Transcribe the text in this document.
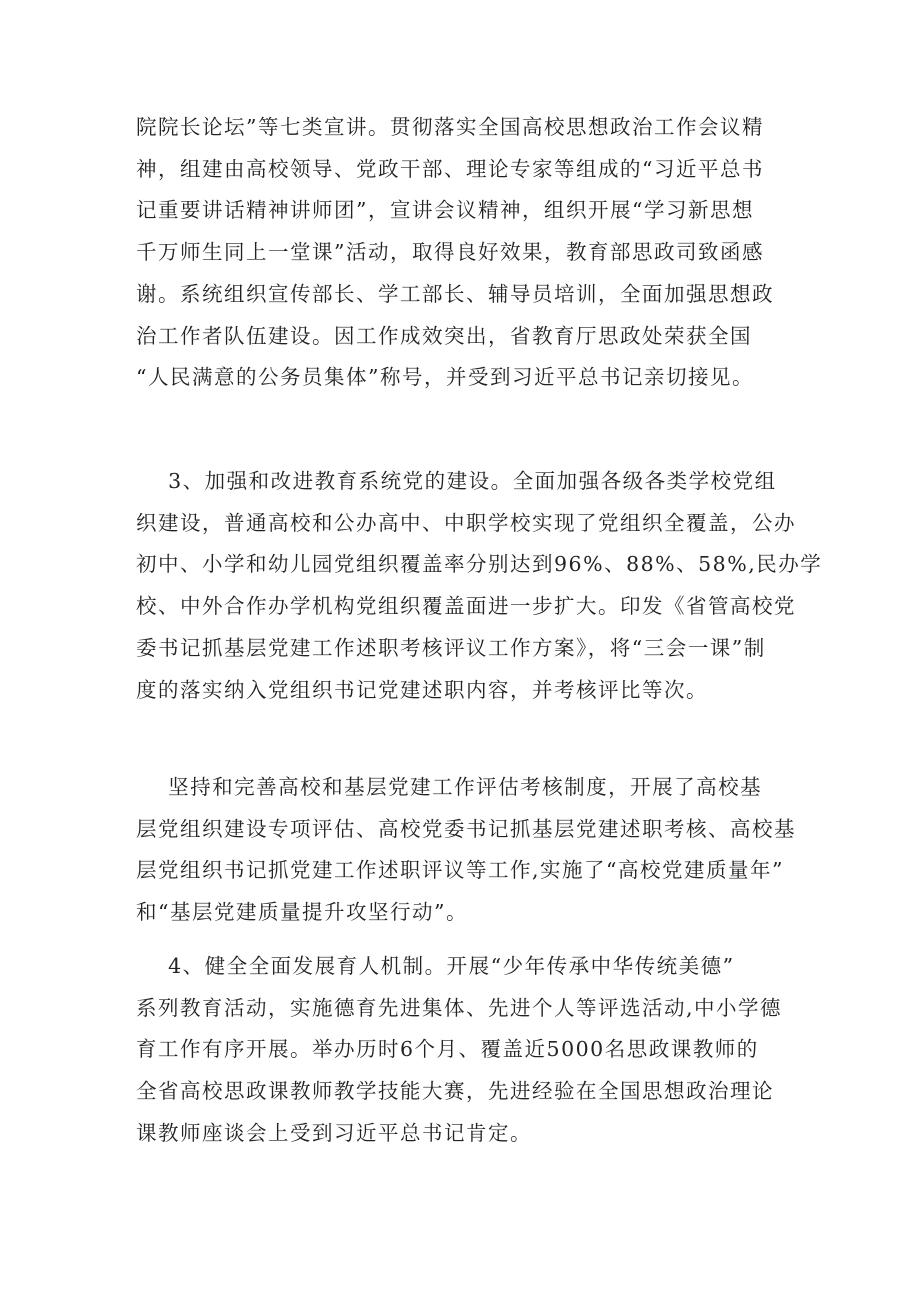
院院长论坛”等七类宣讲。贯彻落实全国高校思想政治工作会议精
神，组建由高校领导、党政干部、理论专家等组成的“习近平总书
记重要讲话精神讲师团”，宣讲会议精神，组织开展“学习新思想
千万师生同上一堂课”活动，取得良好效果，教育部思政司致函感
谢。系统组织宣传部长、学工部长、辅导员培训，全面加强思想政
治工作者队伍建设。因工作成效突出，省教育厅思政处荣获全国
“人民满意的公务员集体”称号，并受到习近平总书记亲切接见。
3、加强和改进教育系统党的建设。全面加强各级各类学校党组
织建设，普通高校和公办高中、中职学校实现了党组织全覆盖，公办
初中、小学和幼儿园党组织覆盖率分别达到96%、88%、58%,民办学
校、中外合作办学机构党组织覆盖面进一步扩大。印发《省管高校党
委书记抓基层党建工作述职考核评议工作方案》，将“三会一课”制
度的落实纳入党组织书记党建述职内容，并考核评比等次。
坚持和完善高校和基层党建工作评估考核制度，开展了高校基
层党组织建设专项评估、高校党委书记抓基层党建述职考核、高校基
层党组织书记抓党建工作述职评议等工作,实施了“高校党建质量年”
和“基层党建质量提升攻坚行动”。
4、健全全面发展育人机制。开展“少年传承中华传统美德”
系列教育活动，实施德育先进集体、先进个人等评选活动,中小学德
育工作有序开展。举办历时6个月、覆盖近5000名思政课教师的
全省高校思政课教师教学技能大赛，先进经验在全国思想政治理论
课教师座谈会上受到习近平总书记肯定。
